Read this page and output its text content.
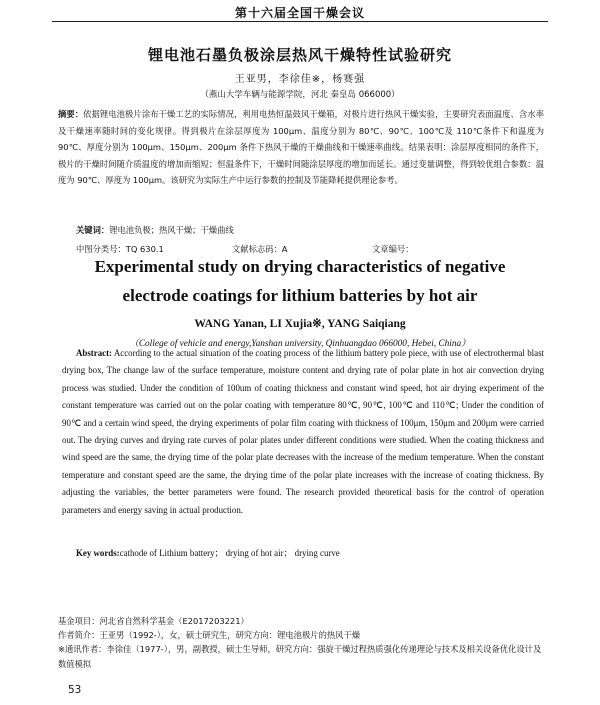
第十六届全国干燥会议
锂电池石墨负极涂层热风干燥特性试验研究
王亚男，李徐佳※，杨赛强
（燕山大学车辆与能源学院，河北 秦皇岛 066000）

摘要：依据锂电池极片涂布干燥工艺的实际情况，利用电热恒温鼓风干燥箱，对极片进行热风干燥实验，主要研究表面温度、含水率及干燥速率随时间的变化规律。得到极片在涂层厚度为 100μm、温度分别为 80℃、90℃、100℃及 110℃条件下和温度为 90℃、厚度分别为 100μm、150μm、200μm 条件下热风干燥的干燥曲线和干燥速率曲线。结果表明：涂层厚度相同的条件下，极片的干燥时间随介质温度的增加而缩短；恒温条件下，干燥时间随涂层厚度的增加而延长。通过变量调整，得到较优组合参数：温度为 90℃、厚度为 100μm。该研究为实际生产中运行参数的控制及节能降耗提供理论参考。

关键词：锂电池负极；热风干燥；干燥曲线

中图分类号：TQ 630.1	文献标志码：A	文章编号：
Experimental study on drying characteristics of negative
electrode coatings for lithium batteries by hot air
WANG Yanan, LI Xujia※, YANG Saiqiang
（College of vehicle and energy,Yanshan university, Qinhuangdao 066000, Hebei, China）

Abstract: According to the actual situation of the coating process of the lithium battery pole piece, with use of electrothermal blast drying box, The change law of the surface temperature, moisture content and drying rate of polar plate in hot air convection drying process was studied. Under the condition of 100um of coating thickness and constant wind speed, hot air drying experiment of the constant temperature was carried out on the polar coating with temperature 80℃, 90℃, 100℃ and 110℃; Under the condition of 90℃ and a certain wind speed, the drying experiments of polar film coating with thickness of 100μm, 150μm and 200μm were carried out. The drying curves and drying rate curves of polar plates under different conditions were studied. When the coating thickness and wind speed are the same, the drying time of the polar plate decreases with the increase of the medium temperature. When the constant temperature and constant speed are the same, the drying time of the polar plate increases with the increase of coating thickness. By adjusting the variables, the better parameters were found. The research provided theoretical basis for the control of operation parameters and energy saving in actual production.

Key words:cathode of Lithium battery； drying of hot air； drying curve

基金项目：河北省自然科学基金（E2017203221）

作者简介：王亚男（1992-），女，硕士研究生，研究方向：锂电池极片的热风干燥

※通讯作者：李徐佳（1977-），男，副教授，硕士生导师，研究方向：强旋干燥过程热质强化传递理论与技术及相关设备优化设计及数值模拟

53
